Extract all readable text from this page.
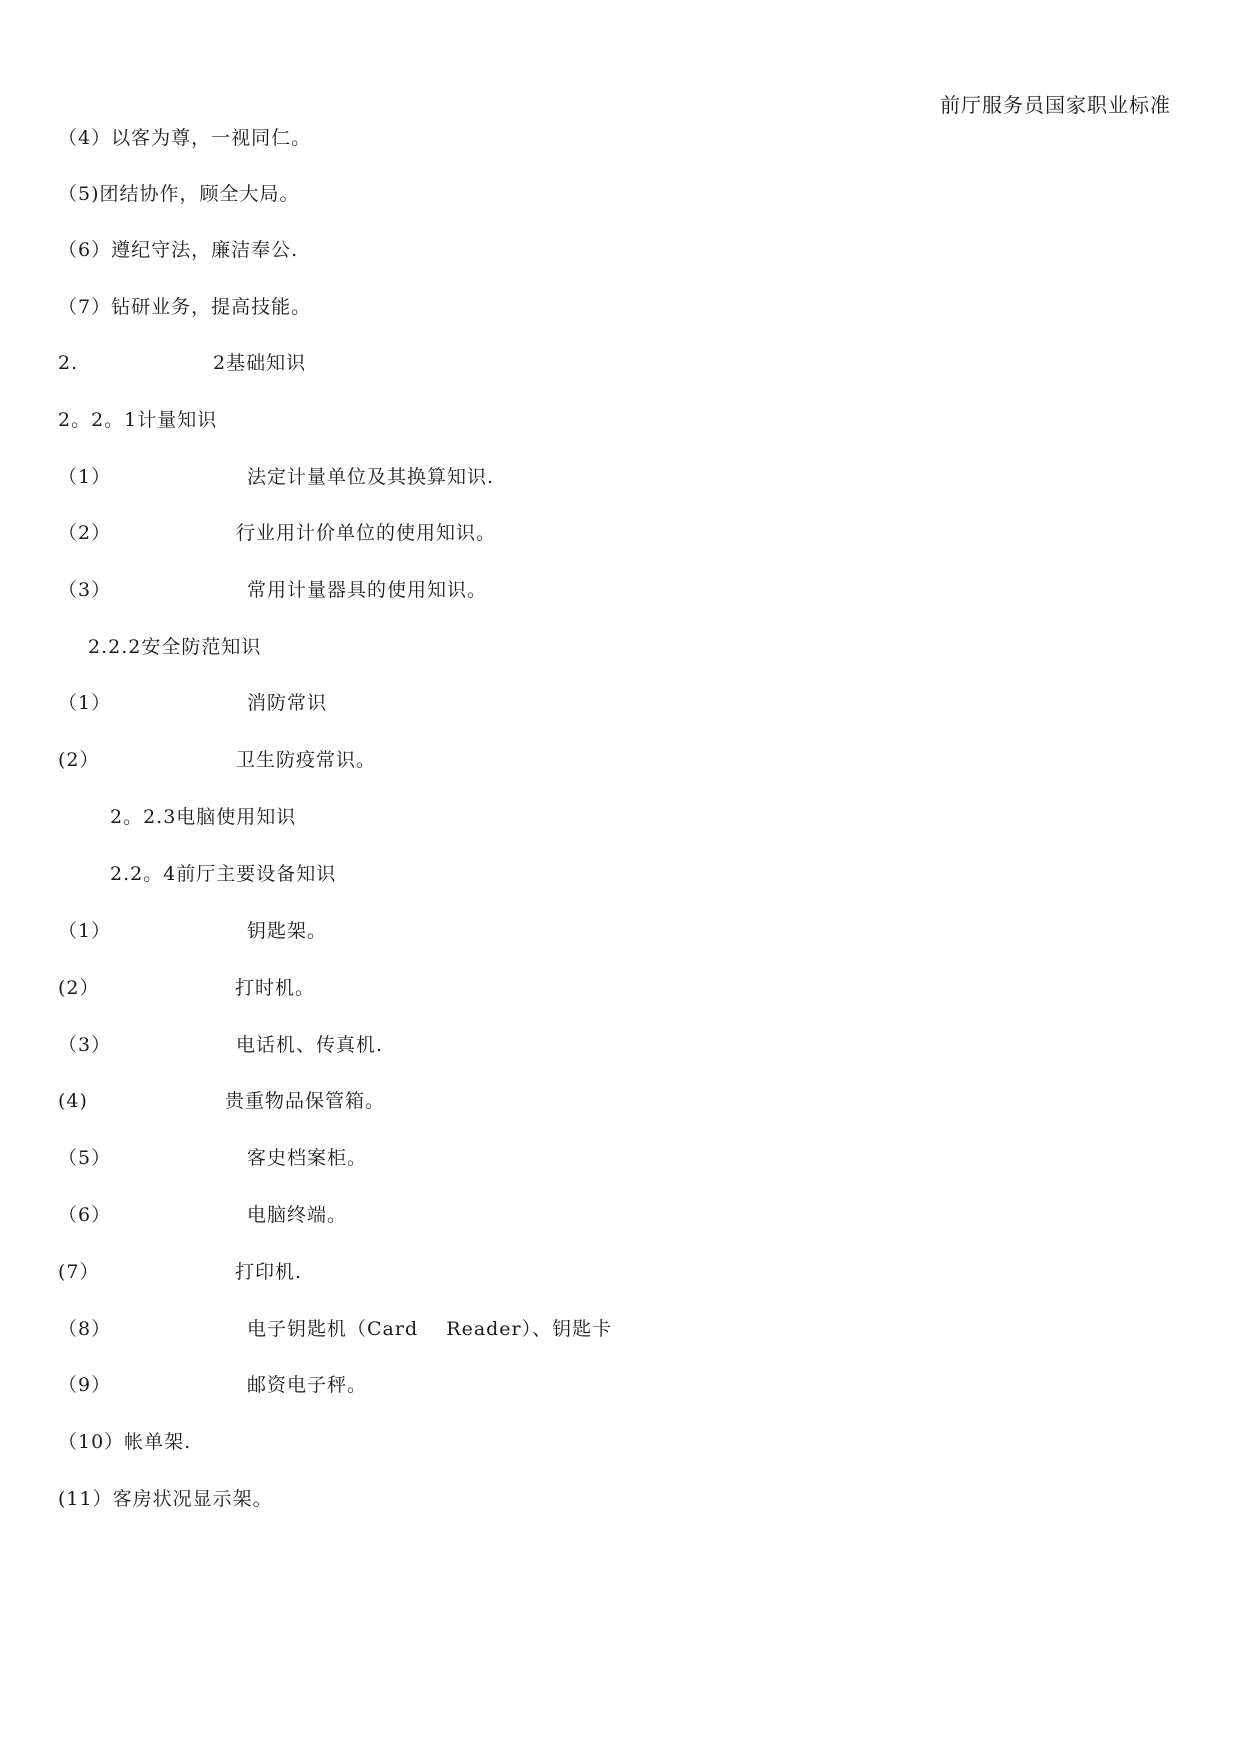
前厅服务员国家职业标准
（4）以客为尊，一视同仁。
（5)团结协作，顾全大局。
（6）遵纪守法，廉洁奉公.
（7）钻研业务，提高技能。
2.	2基础知识
2。2。1计量知识
（1）	法定计量单位及其换算知识.
（2）	行业用计价单位的使用知识。
（3）	常用计量器具的使用知识。
2.2.2安全防范知识
（1）	消防常识
(2）	卫生防疫常识。
2。2.3电脑使用知识
2.2。4前厅主要设备知识
（1）	钥匙架。
(2）	打时机。
（3）	电话机、传真机.
(4)	贵重物品保管箱。
（5）	客史档案柜。
（6）	电脑终端。
(7）	打印机.
（8）	电子钥匙机（Card    Reader）、钥匙卡
（9）	邮资电子秤。
（10）帐单架.
(11）客房状况显示架。
